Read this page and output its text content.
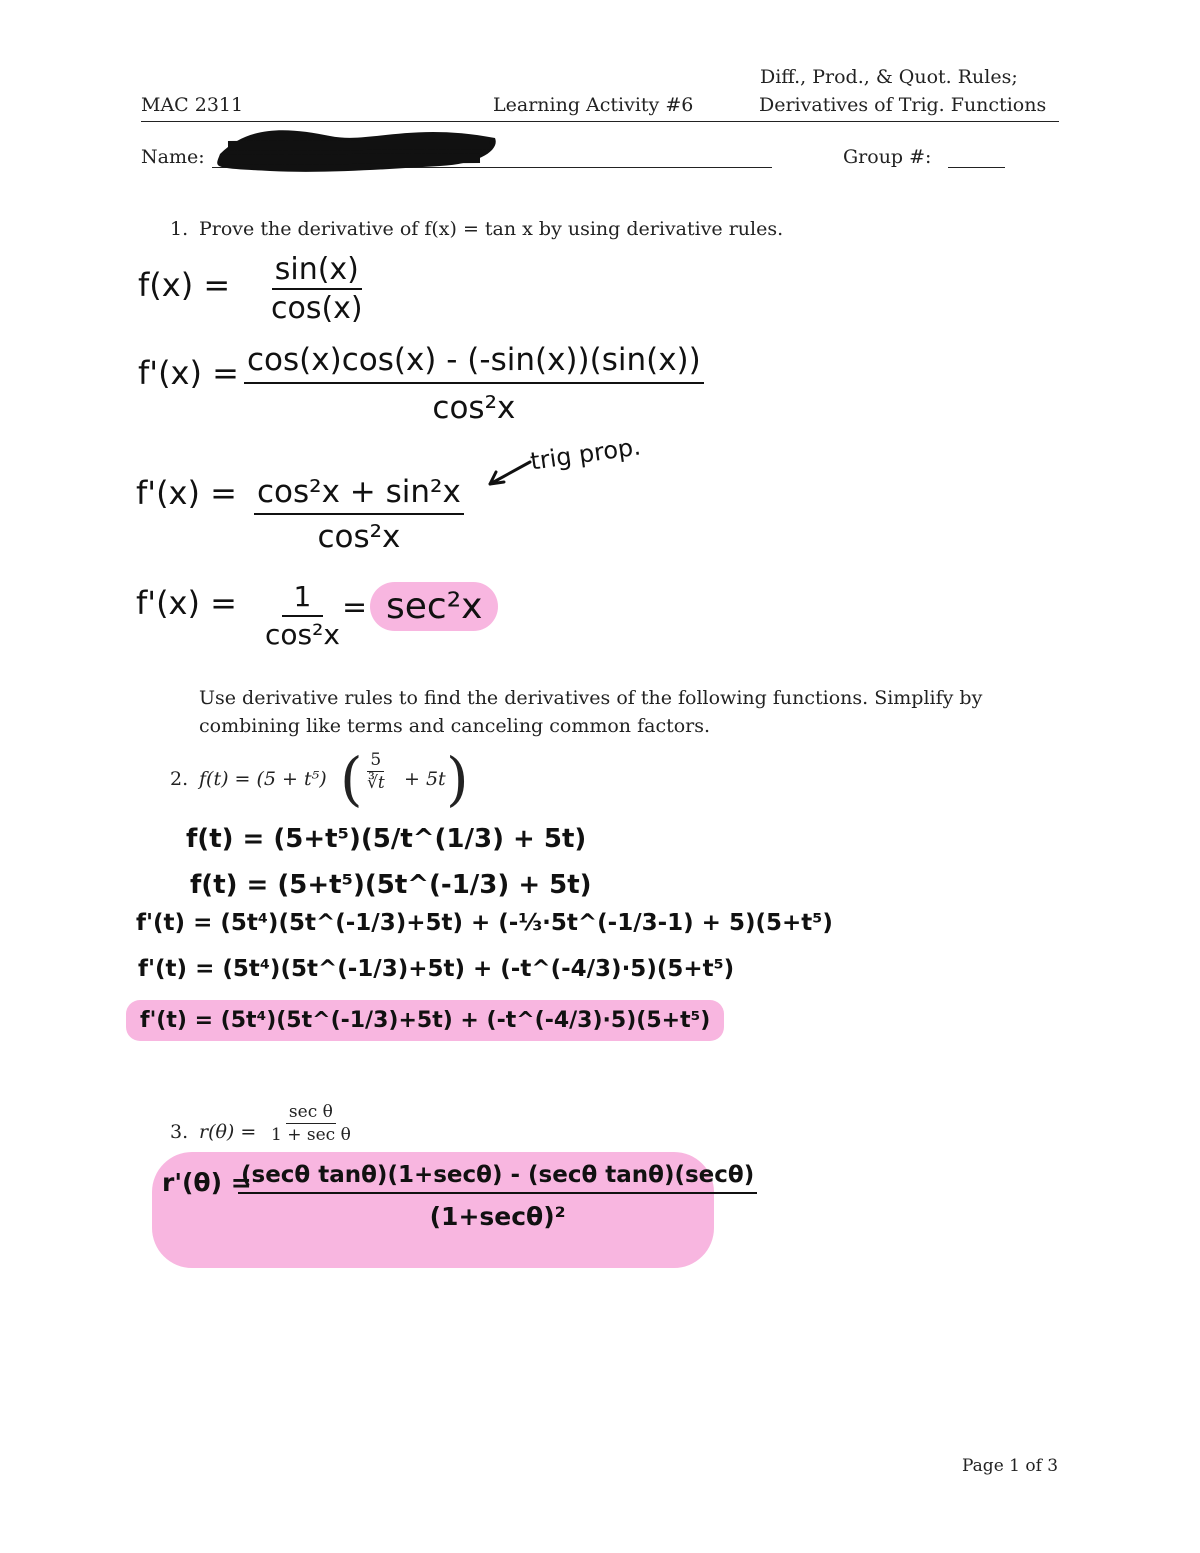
Diff., Prod., & Quot. Rules;
MAC 2311	Learning Activity #6	Derivatives of Trig. Functions
Name:	Group #:
1. Prove the derivative of f(x) = tan x by using derivative rules.
$f(x) = \frac{\sin(x)}{\cos(x)}$
$f'(x) = \frac{\cos(x)\cos(x) - (-\sin(x))(\sin(x))}{\text{cos²x}}$
$f'(x) = \frac{\text{cos²x + sin²x}}{\text{cos²x}}$
trig prop.
$f'(x) = \frac{1}{\text{cos²x}} = \sec^2x$
Use derivative rules to find the derivatives of the following functions. Simplify by combining like terms and canceling common factors.
2. f(t) = (5 + t⁵) ( $\frac{5}{∛t} + 5t$ )
f(t) = (5+t⁵)(5/t^(1/3) + 5t)
f(t) = (5+t⁵)(5t^(-1/3) + 5t)
f'(t) = (5t⁴)(5t^(-1/3)+5t) + (-⅓·5t^(-1/3-1) + 5)(5+t⁵)
f'(t) = (5t⁴)(5t^(-1/3)+5t) + (-t^(-4/3)·5)(5+t⁵)
f'(t) = (5t⁴)(5t^(-1/3)+5t) + (-t^(-4/3)·5)(5+t⁵)
3. r(θ) =
sec θ
1 + sec θ
r'(θ) =
(secθ tanθ)(1+secθ) - (secθ tanθ)(secθ)
(1+secθ)²
Page 1 of 3
